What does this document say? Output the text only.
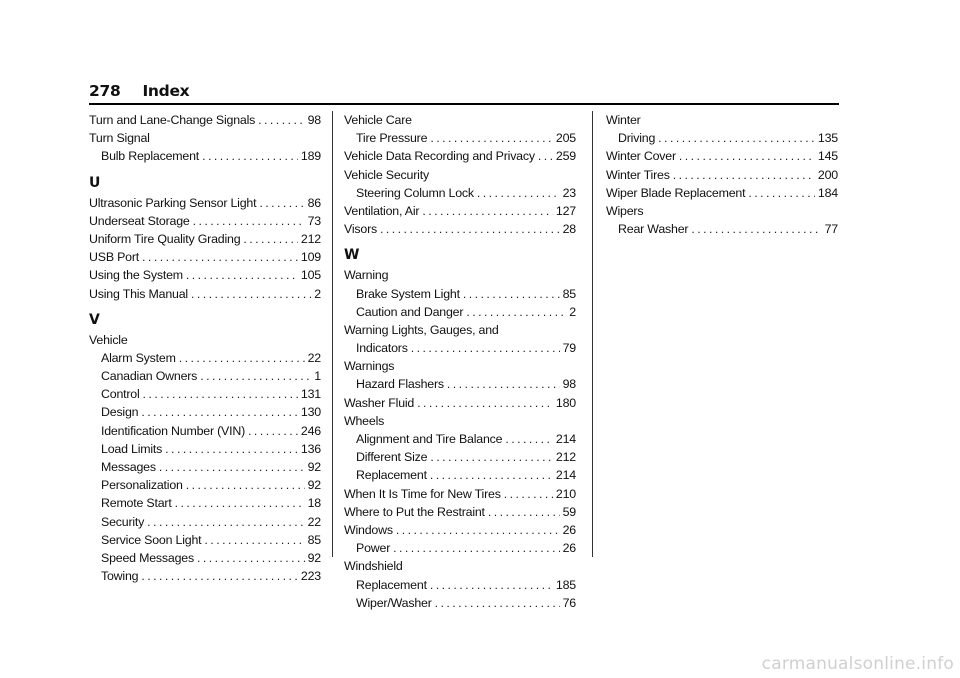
278 Index
Turn and Lane-Change Signals . . .	98
Turn Signal
Bulb Replacement . . .	189
U
Ultrasonic Parking Sensor Light . . .	86
Underseat Storage . . .	73
Uniform Tire Quality Grading . . .	212
USB Port . . .	109
Using the System . . .	105
Using This Manual . . .	2
V
Vehicle
Alarm System . . .	22
Canadian Owners . . .	1
Control . . .	131
Design . . .	130
Identification Number (VIN) . . .	246
Load Limits . . .	136
Messages . . .	92
Personalization . . .	92
Remote Start . . .	18
Security . . .	22
Service Soon Light . . .	85
Speed Messages . . .	92
Towing . . .	223
Vehicle Care
Tire Pressure . . .	205
Vehicle Data Recording and Privacy . . . 259
Vehicle Security
Steering Column Lock . . .	23
Ventilation, Air . . .	127
Visors . . .	28
W
Warning
Brake System Light . . .	85
Caution and Danger . . .	2
Warning Lights, Gauges, and
Indicators . . .	79
Warnings
Hazard Flashers . . .	98
Washer Fluid . . .	180
Wheels
Alignment and Tire Balance . . .	214
Different Size . . .	212
Replacement . . .	214
When It Is Time for New Tires . . .	210
Where to Put the Restraint . . .	59
Windows . . .	26
Power . . .	26
Windshield
Replacement . . .	185
Wiper/Washer . . .	76
Winter
Driving . . .	135
Winter Cover . . .	145
Winter Tires . . .	200
Wiper Blade Replacement . . .	184
Wipers
Rear Washer . . .	77
carmanualsonline.info
